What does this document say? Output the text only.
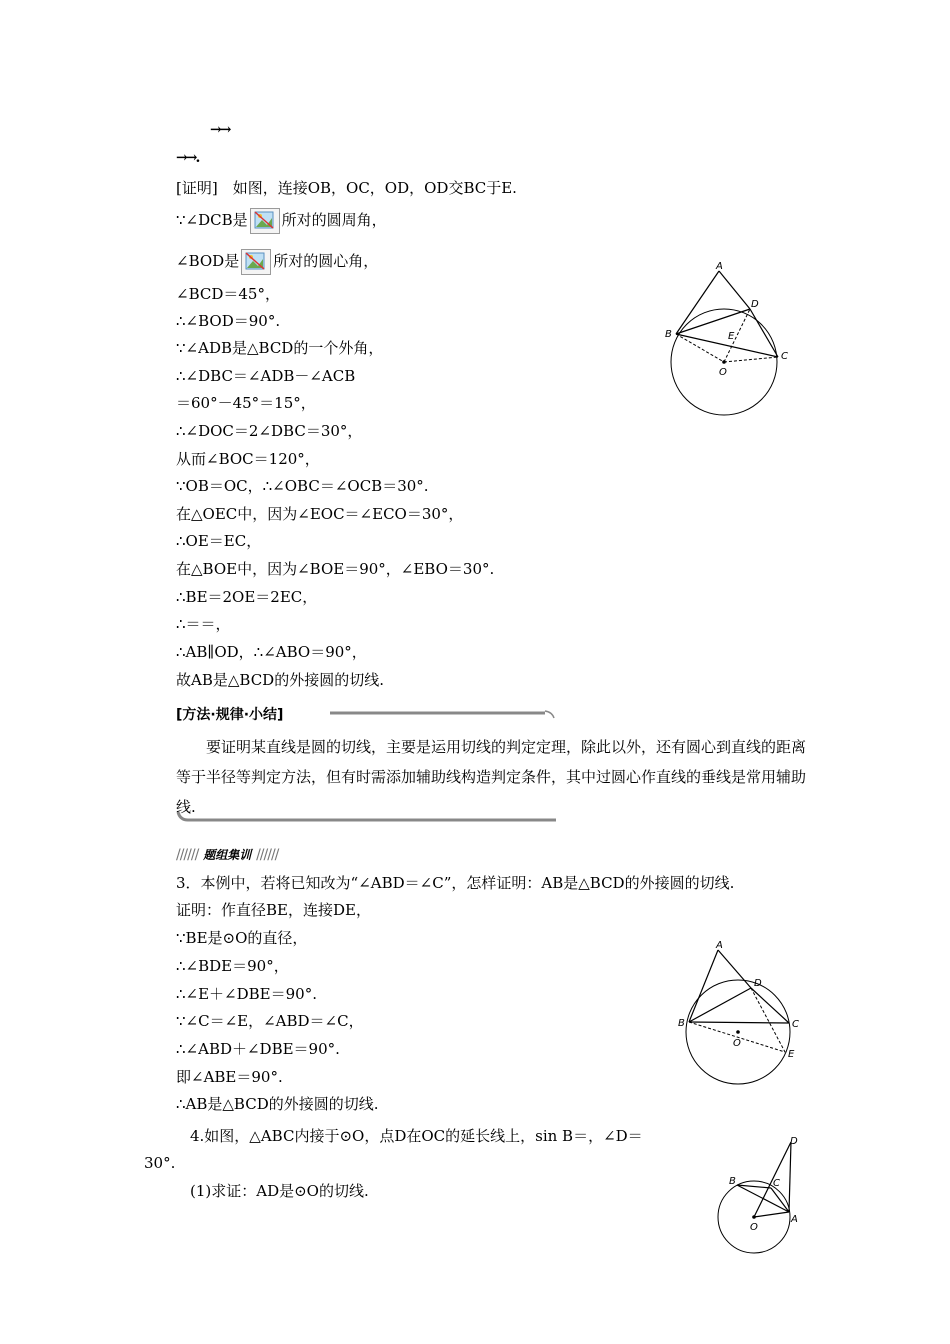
→→
→→.
[证明]　如图，连接OB，OC，OD，OD交BC于E.
∵∠DCB是 所对的圆周角，
∠BOD是 所对的圆心角，
∠BCD＝45°，
∴∠BOD＝90°.
∵∠ADB是△BCD的一个外角，
∴∠DBC＝∠ADB－∠ACB
＝60°－45°＝15°，
∴∠DOC＝2∠DBC＝30°，
从而∠BOC＝120°，
∵OB＝OC，∴∠OBC＝∠OCB＝30°.
在△OEC中，因为∠EOC＝∠ECO＝30°，
∴OE＝EC，
在△BOE中，因为∠BOE＝90°，∠EBO＝30°.
∴BE＝2OE＝2EC，
∴＝＝，
∴AB∥OD，∴∠ABO＝90°，
故AB是△BCD的外接圆的切线.
A
D
B	E
C
O
[方法·规律·小结]
要证明某直线是圆的切线，主要是运用切线的判定定理，除此以外，还有圆心到直线的距离等于半径等判定方法，但有时需添加辅助线构造判定条件，其中过圆心作直线的垂线是常用辅助线.
////// 题组集训 //////
3．本例中，若将已知改为“∠ABD＝∠C”，怎样证明：AB是△BCD的外接圆的切线.
证明：作直径BE，连接DE，
∵BE是⊙O的直径，
∴∠BDE＝90°，
∴∠E＋∠DBE＝90°.
∵∠C＝∠E，∠ABD＝∠C，
∴∠ABD＋∠DBE＝90°.
即∠ABE＝90°.
∴AB是△BCD的外接圆的切线.
A
D
B	C
O
E
4.如图，△ABC内接于⊙O，点D在OC的延长线上，sin B＝，∠D＝
30°.
(1)求证：AD是⊙O的切线.
D
B	C
O
A
